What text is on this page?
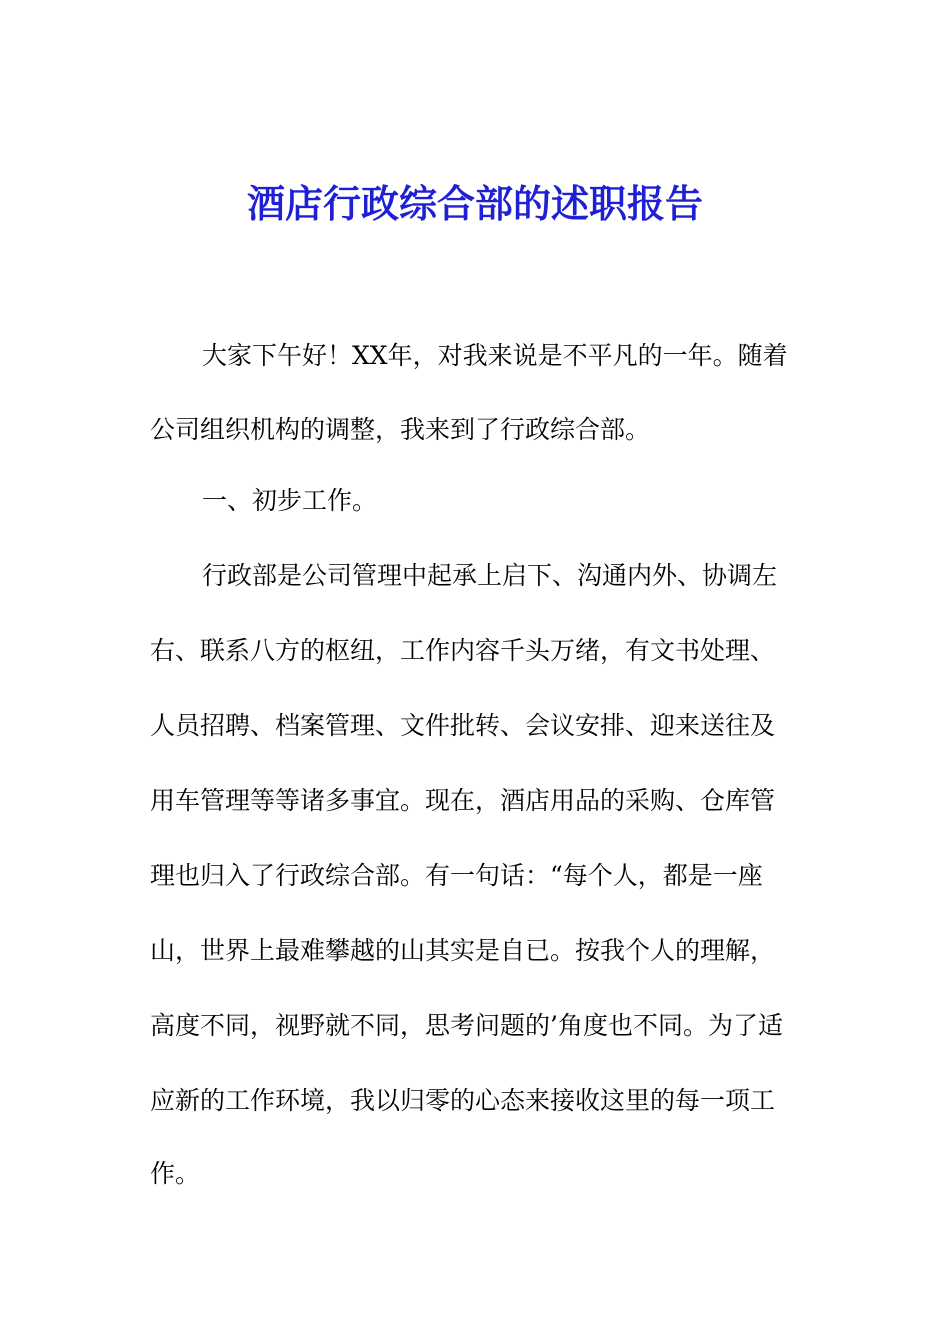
酒店行政综合部的述职报告
大家下午好！XX年，对我来说是不平凡的一年。随着
公司组织机构的调整，我来到了行政综合部。
一、初步工作。
行政部是公司管理中起承上启下、沟通内外、协调左
右、联系八方的枢纽，工作内容千头万绪，有文书处理、
人员招聘、档案管理、文件批转、会议安排、迎来送往及
用车管理等等诸多事宜。现在，酒店用品的采购、仓库管
理也归入了行政综合部。有一句话：“每个人，都是一座
山，世界上最难攀越的山其实是自已。按我个人的理解，
高度不同，视野就不同，思考问题的’角度也不同。为了适
应新的工作环境，我以归零的心态来接收这里的每一项工
作。
